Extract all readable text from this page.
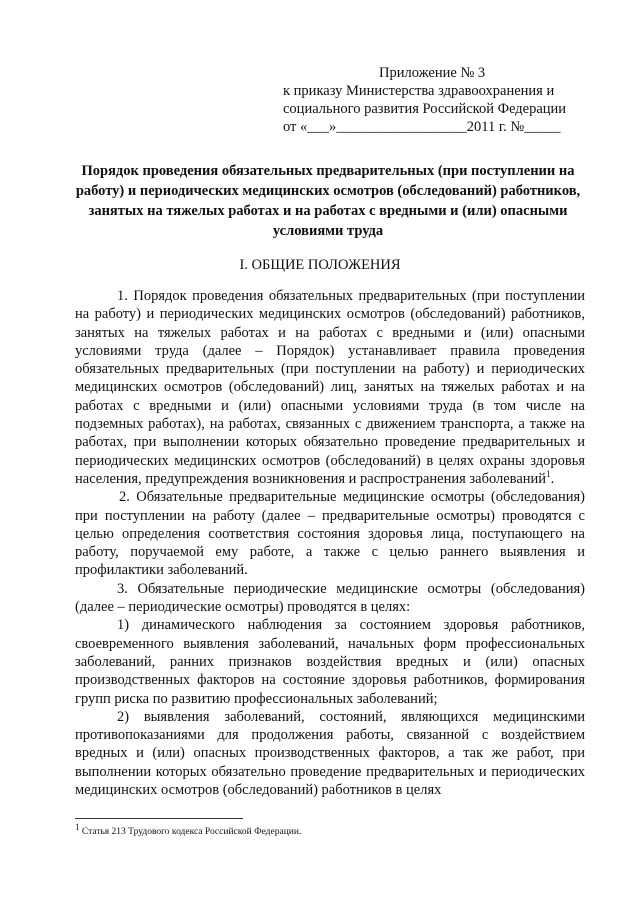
Приложение № 3
к приказу Министерства здравоохранения и
социального развития Российской Федерации
от «___»__________________2011 г. №_____
Порядок проведения обязательных предварительных (при поступлении на работу) и периодических медицинских осмотров (обследований) работников, занятых на тяжелых работах и на работах с вредными и (или) опасными условиями труда
I. ОБЩИЕ ПОЛОЖЕНИЯ

1. Порядок проведения обязательных предварительных (при поступлении на работу) и периодических медицинских осмотров (обследований) работников, занятых на тяжелых работах и на работах с вредными и (или) опасными условиями труда (далее – Порядок) устанавливает правила проведения обязательных предварительных (при поступлении на работу) и периодических медицинских осмотров (обследований) лиц, занятых на тяжелых работах и на работах с вредными и (или) опасными условиями труда (в том числе на подземных работах), на работах, связанных с движением транспорта, а также на работах, при выполнении которых обязательно проведение предварительных и периодических медицинских осмотров (обследований) в целях охраны здоровья населения, предупреждения возникновения и распространения заболеваний$^1$.

2. Обязательные предварительные медицинские осмотры (обследования) при поступлении на работу (далее – предварительные осмотры) проводятся с целью определения соответствия состояния здоровья лица, поступающего на работу, поручаемой ему работе, а также с целью раннего выявления и профилактики заболеваний.

3. Обязательные периодические медицинские осмотры (обследования) (далее – периодические осмотры) проводятся в целях:

1) динамического наблюдения за состоянием здоровья работников, своевременного выявления заболеваний, начальных форм профессиональных заболеваний, ранних признаков воздействия вредных и (или) опасных производственных факторов на состояние здоровья работников, формирования групп риска по развитию профессиональных заболеваний;

2) выявления заболеваний, состояний, являющихся медицинскими противопоказаниями для продолжения работы, связанной с воздействием вредных и (или) опасных производственных факторов, а так же работ, при выполнении которых обязательно проведение предварительных и периодических медицинских осмотров (обследований) работников в целях

$^1$ Статья 213 Трудового кодекса Российской Федерации.
